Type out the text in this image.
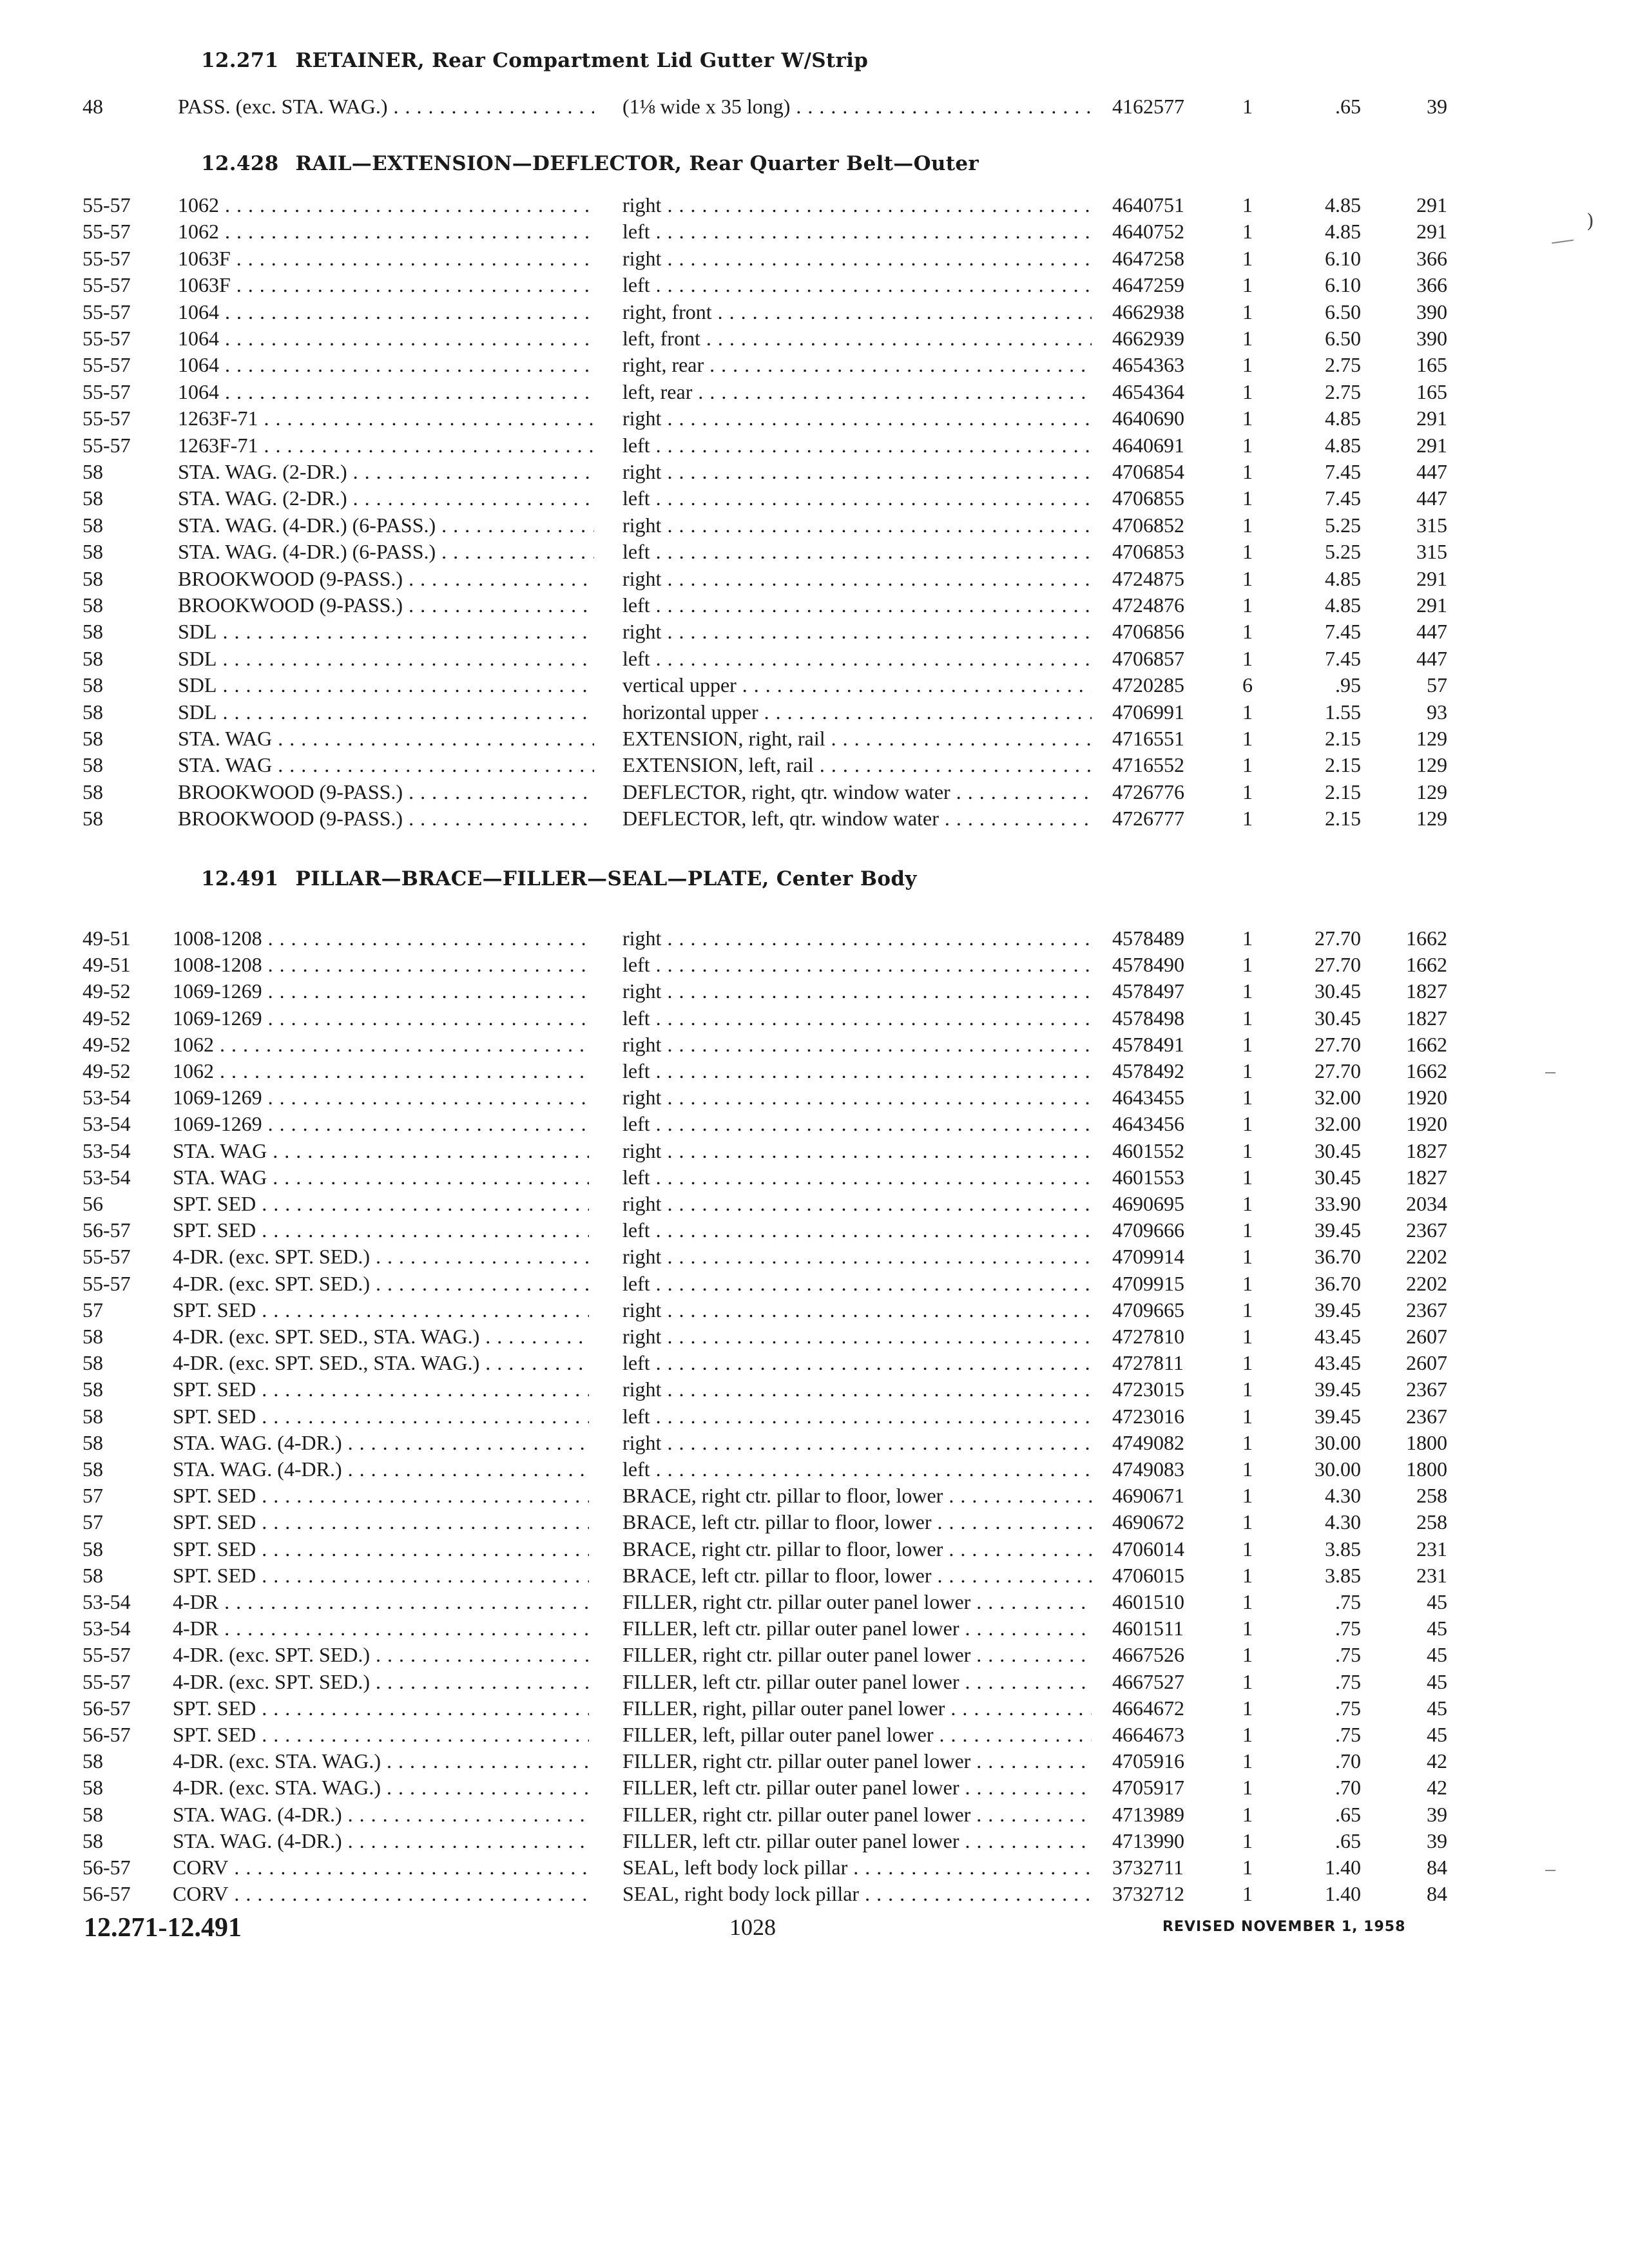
12.271 RETAINER, Rear Compartment Lid Gutter W/Strip
48	PASS. (exc. STA. WAG.) . . .	(1⅛ wide x 35 long) . . .	4162577	1	.65	39
12.428 RAIL—EXTENSION—DEFLECTOR, Rear Quarter Belt—Outer
55-57	1062 . . .	right . . .	4640751	1	4.85	291
55-57	1062 . . .	left . . .	4640752	1	4.85	291
55-57	1063F . . .	right . . .	4647258	1	6.10	366
55-57	1063F . . .	left . . .	4647259	1	6.10	366
55-57	1064 . . .	right, front . . .	4662938	1	6.50	390
55-57	1064 . . .	left, front . . .	4662939	1	6.50	390
55-57	1064 . . .	right, rear . . .	4654363	1	2.75	165
55-57	1064 . . .	left, rear . . .	4654364	1	2.75	165
55-57	1263F-71 . . .	right . . .	4640690	1	4.85	291
55-57	1263F-71 . . .	left . . .	4640691	1	4.85	291
58	STA. WAG. (2-DR.) . . .	right . . .	4706854	1	7.45	447
58	STA. WAG. (2-DR.) . . .	left . . .	4706855	1	7.45	447
58	STA. WAG. (4-DR.) (6-PASS.) . . .	right . . .	4706852	1	5.25	315
58	STA. WAG. (4-DR.) (6-PASS.) . . .	left . . .	4706853	1	5.25	315
58	BROOKWOOD (9-PASS.) . . .	right . . .	4724875	1	4.85	291
58	BROOKWOOD (9-PASS.) . . .	left . . .	4724876	1	4.85	291
58	SDL . . .	right . . .	4706856	1	7.45	447
58	SDL . . .	left . . .	4706857	1	7.45	447
58	SDL . . .	vertical upper . . .	4720285	6	.95	57
58	SDL . . .	horizontal upper . . .	4706991	1	1.55	93
58	STA. WAG . . .	EXTENSION, right, rail . . .	4716551	1	2.15	129
58	STA. WAG . . .	EXTENSION, left, rail . . .	4716552	1	2.15	129
58	BROOKWOOD (9-PASS.) . . .	DEFLECTOR, right, qtr. window water . . .	4726776	1	2.15	129
58	BROOKWOOD (9-PASS.) . . .	DEFLECTOR, left, qtr. window water . . .	4726777	1	2.15	129
12.491 PILLAR—BRACE—FILLER—SEAL—PLATE, Center Body
49-51	1008-1208 . . .	right . . .	4578489	1	27.70	1662
49-51	1008-1208 . . .	left . . .	4578490	1	27.70	1662
49-52	1069-1269 . . .	right . . .	4578497	1	30.45	1827
49-52	1069-1269 . . .	left . . .	4578498	1	30.45	1827
49-52	1062 . . .	right . . .	4578491	1	27.70	1662
49-52	1062 . . .	left . . .	4578492	1	27.70	1662
53-54	1069-1269 . . .	right . . .	4643455	1	32.00	1920
53-54	1069-1269 . . .	left . . .	4643456	1	32.00	1920
53-54	STA. WAG . . .	right . . .	4601552	1	30.45	1827
53-54	STA. WAG . . .	left . . .	4601553	1	30.45	1827
56	SPT. SED . . .	right . . .	4690695	1	33.90	2034
56-57	SPT. SED . . .	left . . .	4709666	1	39.45	2367
55-57	4-DR. (exc. SPT. SED.) . . .	right . . .	4709914	1	36.70	2202
55-57	4-DR. (exc. SPT. SED.) . . .	left . . .	4709915	1	36.70	2202
57	SPT. SED . . .	right . . .	4709665	1	39.45	2367
58	4-DR. (exc. SPT. SED., STA. WAG.) . . .	right . . .	4727810	1	43.45	2607
58	4-DR. (exc. SPT. SED., STA. WAG.) . . .	left . . .	4727811	1	43.45	2607
58	SPT. SED . . .	right . . .	4723015	1	39.45	2367
58	SPT. SED . . .	left . . .	4723016	1	39.45	2367
58	STA. WAG. (4-DR.) . . .	right . . .	4749082	1	30.00	1800
58	STA. WAG. (4-DR.) . . .	left . . .	4749083	1	30.00	1800
57	SPT. SED . . .	BRACE, right ctr. pillar to floor, lower . . .	4690671	1	4.30	258
57	SPT. SED . . .	BRACE, left ctr. pillar to floor, lower . . .	4690672	1	4.30	258
58	SPT. SED . . .	BRACE, right ctr. pillar to floor, lower . . .	4706014	1	3.85	231
58	SPT. SED . . .	BRACE, left ctr. pillar to floor, lower . . .	4706015	1	3.85	231
53-54	4-DR . . .	FILLER, right ctr. pillar outer panel lower . . .	4601510	1	.75	45
53-54	4-DR . . .	FILLER, left ctr. pillar outer panel lower . . .	4601511	1	.75	45
55-57	4-DR. (exc. SPT. SED.) . . .	FILLER, right ctr. pillar outer panel lower . . .	4667526	1	.75	45
55-57	4-DR. (exc. SPT. SED.) . . .	FILLER, left ctr. pillar outer panel lower . . .	4667527	1	.75	45
56-57	SPT. SED . . .	FILLER, right, pillar outer panel lower . . .	4664672	1	.75	45
56-57	SPT. SED . . .	FILLER, left, pillar outer panel lower . . .	4664673	1	.75	45
58	4-DR. (exc. STA. WAG.) . . .	FILLER, right ctr. pillar outer panel lower . . .	4705916	1	.70	42
58	4-DR. (exc. STA. WAG.) . . .	FILLER, left ctr. pillar outer panel lower . . .	4705917	1	.70	42
58	STA. WAG. (4-DR.) . . .	FILLER, right ctr. pillar outer panel lower . . .	4713989	1	.65	39
58	STA. WAG. (4-DR.) . . .	FILLER, left ctr. pillar outer panel lower . . .	4713990	1	.65	39
56-57	CORV . . .	SEAL, left body lock pillar . . .	3732711	1	1.40	84
56-57	CORV . . .	SEAL, right body lock pillar . . .	3732712	1	1.40	84
12.271-12.491	1028	REVISED NOVEMBER 1, 1958
)
